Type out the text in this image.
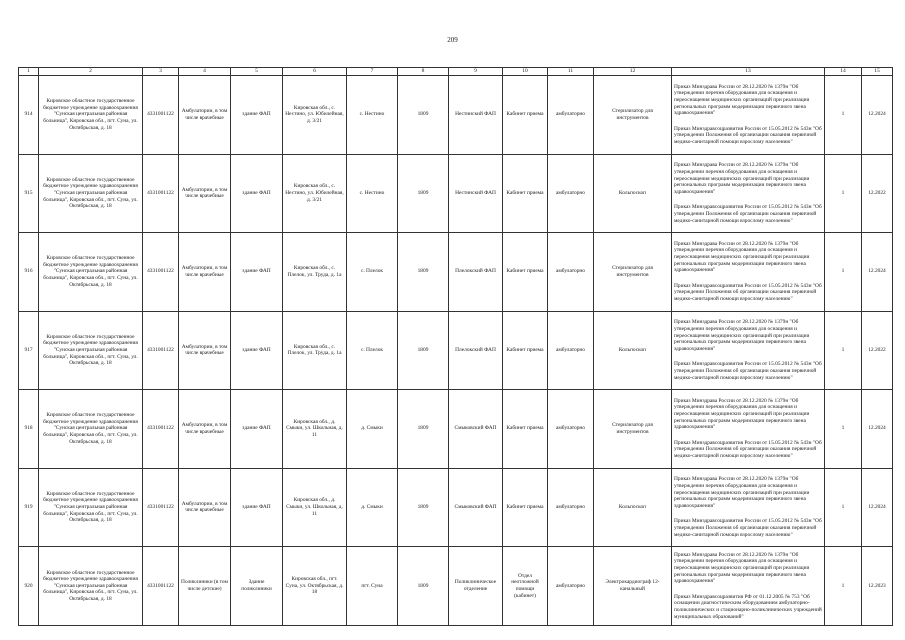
209
1	2	3	4	5	6	7	8	9	10	11	12	13	14	15
914	Кировское областное государственное бюджетное учреждение здравоохранения "Сунская центральная районная больница", Кировская обл., пгт. Суна, ул. Октябрьская, д. 18	4331001122	Амбулатории, в том числе врачебные	здание ФАП	Кировская обл., с. Нестино, ул. Юбилейная, д. 3/21	с. Нестино	1809	Нестинский ФАП	Кабинет приема	амбулаторно	Стерилизатор для инструментов	Приказ Минздрава России от 28.12.2020 № 1379н "Об утверждении перечня оборудования для оснащения и переоснащения медицинских организаций при реализации региональных программ модернизации первичного звена здравоохранения"

Приказ Минздравсоцразвития России от 15.05.2012 № 543н "Об утверждении Положения об организации оказания первичной медико-санитарной помощи взрослому населению"	1	12.2024
915	Кировское областное государственное бюджетное учреждение здравоохранения "Сунская центральная районная больница", Кировская обл., пгт. Суна, ул. Октябрьская, д. 18	4331001122	Амбулатории, в том числе врачебные	здание ФАП	Кировская обл., с. Нестино, ул. Юбилейная, д. 3/21	с. Нестино	1809	Нестинский ФАП	Кабинет приема	амбулаторно	Кольпоскоп	Приказ Минздрава России от 28.12.2020 № 1379н "Об утверждении перечня оборудования для оснащения и переоснащения медицинских организаций при реализации региональных программ модернизации первичного звена здравоохранения"

Приказ Минздравсоцразвития России от 15.05.2012 № 543н "Об утверждении Положения об организации оказания первичной медико-санитарной помощи взрослому населению"	1	12.2022
916	Кировское областное государственное бюджетное учреждение здравоохранения "Сунская центральная районная больница", Кировская обл., пгт. Суна, ул. Октябрьская, д. 18	4331001122	Амбулатории, в том числе врачебные	здание ФАП	Кировская обл., с. Плелок, ул. Труда, д. 1а	с. Плелок	1809	Плелокский ФАП	Кабинет приема	амбулаторно	Стерилизатор для инструментов	Приказ Минздрава России от 28.12.2020 № 1379н "Об утверждении перечня оборудования для оснащения и переоснащения медицинских организаций при реализации региональных программ модернизации первичного звена здравоохранения"

Приказ Минздравсоцразвития России от 15.05.2012 № 543н "Об утверждении Положения об организации оказания первичной медико-санитарной помощи взрослому населению"	1	12.2024
917	Кировское областное государственное бюджетное учреждение здравоохранения "Сунская центральная районная больница", Кировская обл., пгт. Суна, ул. Октябрьская, д. 18	4331001122	Амбулатории, в том числе врачебные	здание ФАП	Кировская обл., с. Плелок, ул. Труда, д. 1а	с. Плелок	1809	Плелокский ФАП	Кабинет приема	амбулаторно	Кольпоскоп	Приказ Минздрава России от 28.12.2020 № 1379н "Об утверждении перечня оборудования для оснащения и переоснащения медицинских организаций при реализации региональных программ модернизации первичного звена здравоохранения"

Приказ Минздравсоцразвития России от 15.05.2012 № 543н "Об утверждении Положения об организации оказания первичной медико-санитарной помощи взрослому населению"	1	12.2022
918	Кировское областное государственное бюджетное учреждение здравоохранения "Сунская центральная районная больница", Кировская обл., пгт. Суна, ул. Октябрьская, д. 18	4331001122	Амбулатории, в том числе врачебные	здание ФАП	Кировская обл., д. Смыки, ул. Школьная, д. 11	д. Смыки	1809	Смыковский ФАП	Кабинет приема	амбулаторно	Стерилизатор для инструментов	Приказ Минздрава России от 28.12.2020 № 1379н "Об утверждении перечня оборудования для оснащения и переоснащения медицинских организаций при реализации региональных программ модернизации первичного звена здравоохранения"

Приказ Минздравсоцразвития России от 15.05.2012 № 543н "Об утверждении Положения об организации оказания первичной медико-санитарной помощи взрослому населению"	1	12.2024
919	Кировское областное государственное бюджетное учреждение здравоохранения "Сунская центральная районная больница", Кировская обл., пгт. Суна, ул. Октябрьская, д. 18	4331001122	Амбулатории, в том числе врачебные	здание ФАП	Кировская обл., д. Смыки, ул. Школьная, д. 11	д. Смыки	1809	Смыковский ФАП	Кабинет приема	амбулаторно	Кольпоскоп	Приказ Минздрава России от 28.12.2020 № 1379н "Об утверждении перечня оборудования для оснащения и переоснащения медицинских организаций при реализации региональных программ модернизации первичного звена здравоохранения"

Приказ Минздравсоцразвития России от 15.05.2012 № 543н "Об утверждении Положения об организации оказания первичной медико-санитарной помощи взрослому населению"	1	12.2024
920	Кировское областное государственное бюджетное учреждение здравоохранения "Сунская центральная районная больница", Кировская обл., пгт. Суна, ул. Октябрьская, д. 18	4331001122	Поликлиники (в том числе детские)	Здание поликлиники	Кировская обл., пгт. Суна, ул. Октябрьская, д. 18	пгт. Суна	1809	Поликлиническое отделение	Отдел неотложной помощи (кабинет)	амбулаторно	Электрокардиограф 12-канальный	Приказ Минздрава России от 28.12.2020 № 1379н "Об утверждении перечня оборудования для оснащения и переоснащения медицинских организаций при реализации региональных программ модернизации первичного звена здравоохранения"

Приказ Минздравсоцразвития РФ от 01.12.2005 № 753 "Об оснащении диагностическим оборудованием амбулаторно-поликлинических и стационарно-поликлинических учреждений муниципальных образований"	1	12.2023
